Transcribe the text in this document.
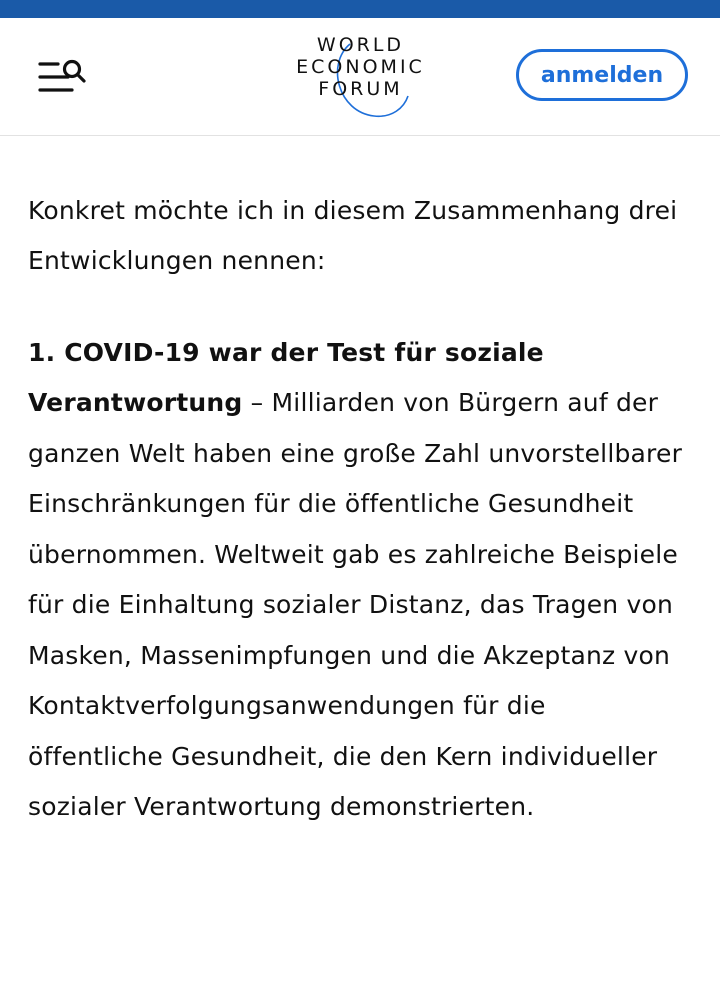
Konkret möchte ich in diesem Zusammenhang drei Entwicklungen nennen:

1. COVID-19 war der Test für soziale Verantwortung – Milliarden von Bürgern auf der ganzen Welt haben eine große Zahl unvorstellbarer Einschränkungen für die öffentliche Gesundheit übernommen. Weltweit gab es zahlreiche Beispiele für die Einhaltung sozialer Distanz, das Tragen von Masken, Massenimpfungen und die Akzeptanz von Kontaktverfolgungsanwendungen für die öffentliche Gesundheit, die den Kern individueller sozialer Verantwortung demonstrierten.

WORLD
ECONOMIC
FORUM
anmelden
